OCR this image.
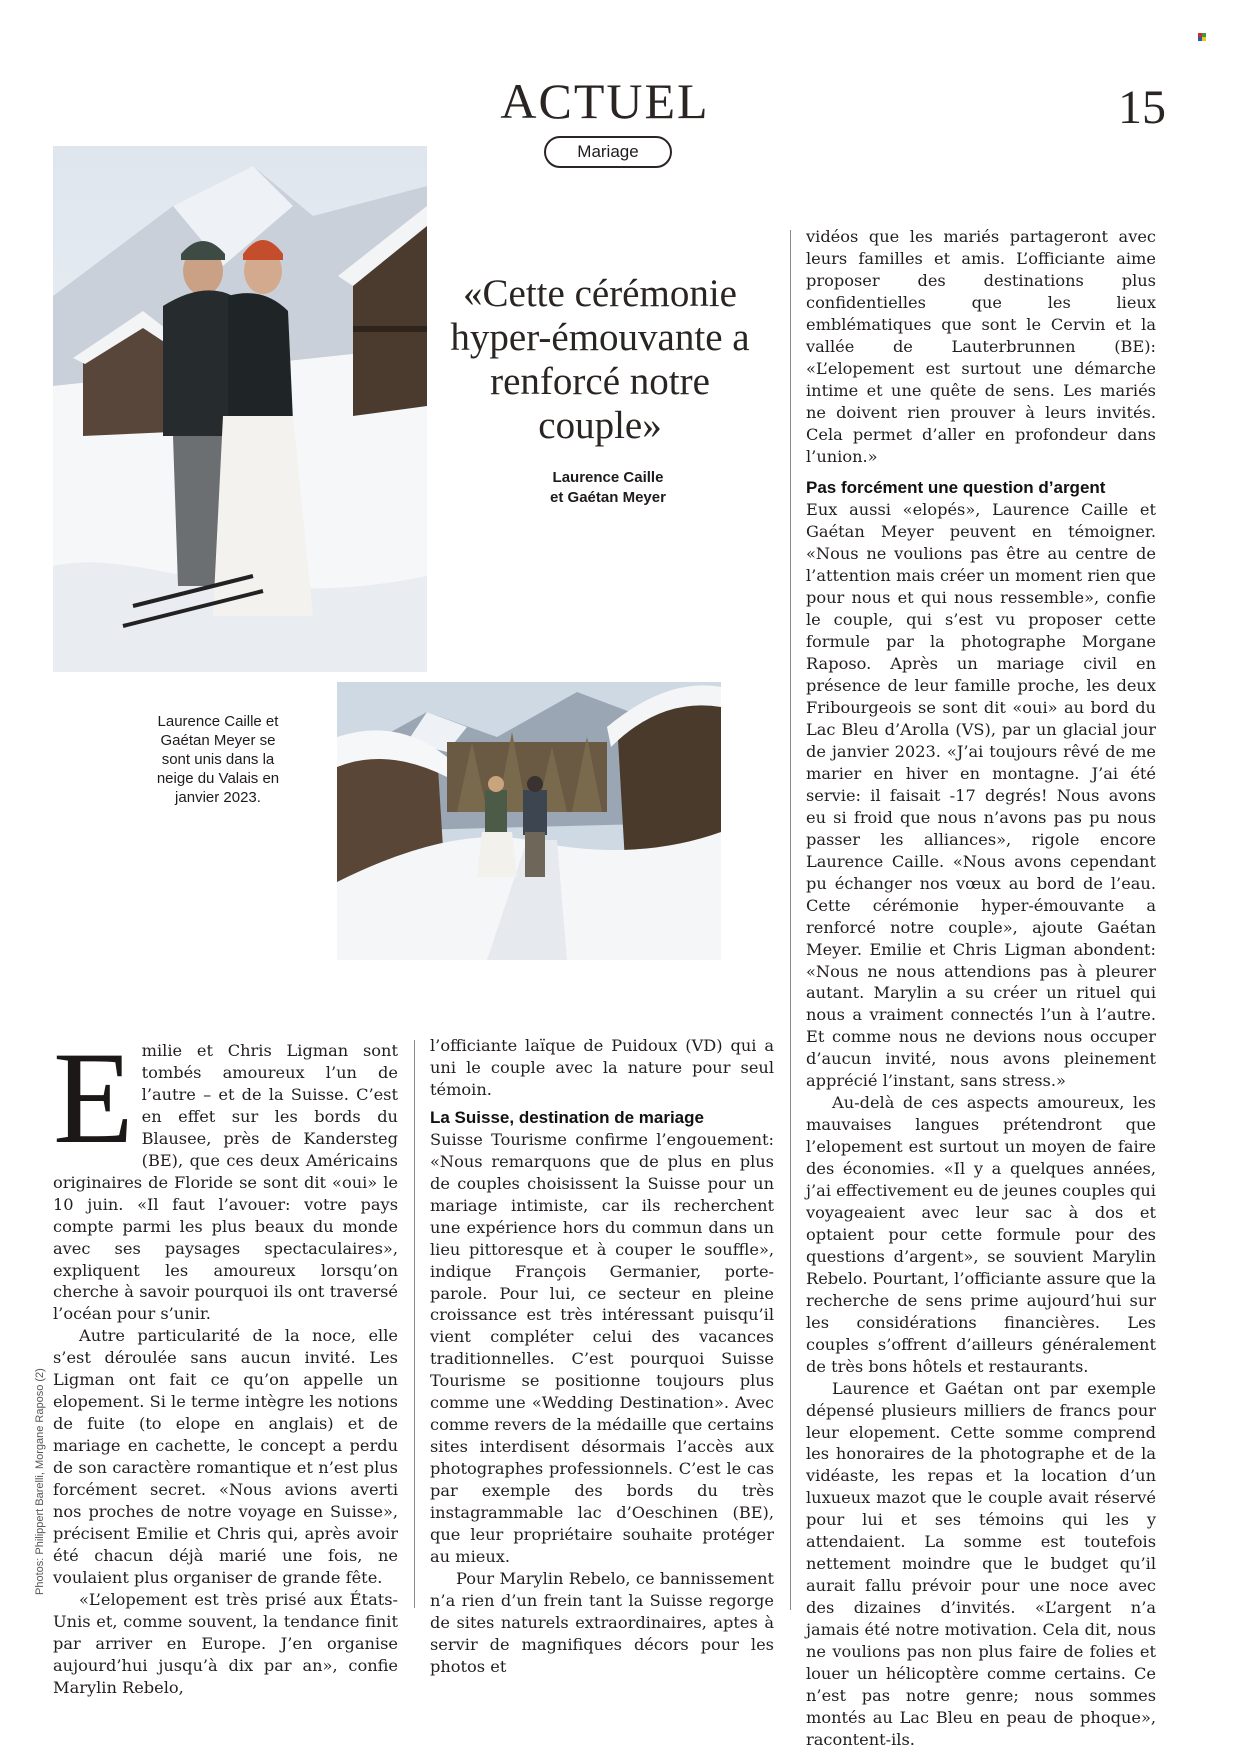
ACTUEL	15
Mariage
«Cette cérémonie hyper-émouvante a renforcé notre couple»
Laurence Caille
et Gaétan Meyer
Laurence Caille et Gaétan Meyer se sont unis dans la neige du Valais en janvier 2023.
E milie et Chris Ligman sont tombés amoureux l’un de l’autre – et de la Suisse. C’est en effet sur les bords du Blausee, près de Kandersteg (BE), que ces deux Américains originaires de Floride se sont dit «oui» le 10 juin. «Il faut l’avouer: votre pays compte parmi les plus beaux du monde avec ses paysages spectaculaires», expliquent les amoureux lorsqu’on cherche à savoir pourquoi ils ont traversé l’océan pour s’unir.

Autre particularité de la noce, elle s’est déroulée sans aucun invité. Les Ligman ont fait ce qu’on appelle un elopement. Si le terme intègre les notions de fuite (to elope en anglais) et de mariage en cachette, le concept a perdu de son caractère romantique et n’est plus forcément secret. «Nous avions averti nos proches de notre voyage en Suisse», précisent Emilie et Chris qui, après avoir été chacun déjà marié une fois, ne voulaient plus organiser de grande fête.

«L’elopement est très prisé aux États-Unis et, comme souvent, la tendance finit par arriver en Europe. J’en organise aujourd’hui jusqu’à dix par an», confie Marylin Rebelo,

l’officiante laïque de Puidoux (VD) qui a uni le couple avec la nature pour seul témoin.

La Suisse, destination de mariage

Suisse Tourisme confirme l’engouement: «Nous remarquons que de plus en plus de couples choisissent la Suisse pour un mariage intimiste, car ils recherchent une expérience hors du commun dans un lieu pittoresque et à couper le souffle», indique François Germanier, porte-parole. Pour lui, ce secteur en pleine croissance est très intéressant puisqu’il vient compléter celui des vacances traditionnelles. C’est pourquoi Suisse Tourisme se positionne toujours plus comme une «Wedding Destination». Avec comme revers de la médaille que certains sites interdisent désormais l’accès aux photographes professionnels. C’est le cas par exemple des bords du très instagrammable lac d’Oeschinen (BE), que leur propriétaire souhaite protéger au mieux.

Pour Marylin Rebelo, ce bannissement n’a rien d’un frein tant la Suisse regorge de sites naturels extraordinaires, aptes à servir de magnifiques décors pour les photos et

vidéos que les mariés partageront avec leurs familles et amis. L’officiante aime proposer des destinations plus confidentielles que les lieux emblématiques que sont le Cervin et la vallée de Lauterbrunnen (BE): «L’elopement est surtout une démarche intime et une quête de sens. Les mariés ne doivent rien prouver à leurs invités. Cela permet d’aller en profondeur dans l’union.»

Pas forcément une question d’argent

Eux aussi «elopés», Laurence Caille et Gaétan Meyer peuvent en témoigner. «Nous ne voulions pas être au centre de l’attention mais créer un moment rien que pour nous et qui nous ressemble», confie le couple, qui s’est vu proposer cette formule par la photographe Morgane Raposo. Après un mariage civil en présence de leur famille proche, les deux Fribourgeois se sont dit «oui» au bord du Lac Bleu d’Arolla (VS), par un glacial jour de janvier 2023. «J’ai toujours rêvé de me marier en hiver en montagne. J’ai été servie: il faisait -17 degrés! Nous avons eu si froid que nous n’avons pas pu nous passer les alliances», rigole encore Laurence Caille. «Nous avons cependant pu échanger nos vœux au bord de l’eau. Cette cérémonie hyper-émouvante a renforcé notre couple», ajoute Gaétan Meyer. Emilie et Chris Ligman abondent: «Nous ne nous attendions pas à pleurer autant. Marylin a su créer un rituel qui nous a vraiment connectés l’un à l’autre. Et comme nous ne devions nous occuper d’aucun invité, nous avons pleinement apprécié l’instant, sans stress.»

Au-delà de ces aspects amoureux, les mauvaises langues prétendront que l’elopement est surtout un moyen de faire des économies. «Il y a quelques années, j’ai effectivement eu de jeunes couples qui voyageaient avec leur sac à dos et optaient pour cette formule pour des questions d’argent», se souvient Marylin Rebelo. Pourtant, l’officiante assure que la recherche de sens prime aujourd’hui sur les considérations financières. Les couples s’offrent d’ailleurs généralement de très bons hôtels et restaurants.

Laurence et Gaétan ont par exemple dépensé plusieurs milliers de francs pour leur elopement. Cette somme comprend les honoraires de la photographe et de la vidéaste, les repas et la location d’un luxueux mazot que le couple avait réservé pour lui et ses témoins qui les y attendaient. La somme est toutefois nettement moindre que le budget qu’il aurait fallu prévoir pour une noce avec des dizaines d’invités. «L’argent n’a jamais été notre motivation. Cela dit, nous ne voulions pas non plus faire de folies et louer un hélicoptère comme certains. Ce n’est pas notre genre; nous sommes montés au Lac Bleu en peau de phoque», racontent-ils.

Photos: Philippert Barelli, Morgane Raposo (2)
